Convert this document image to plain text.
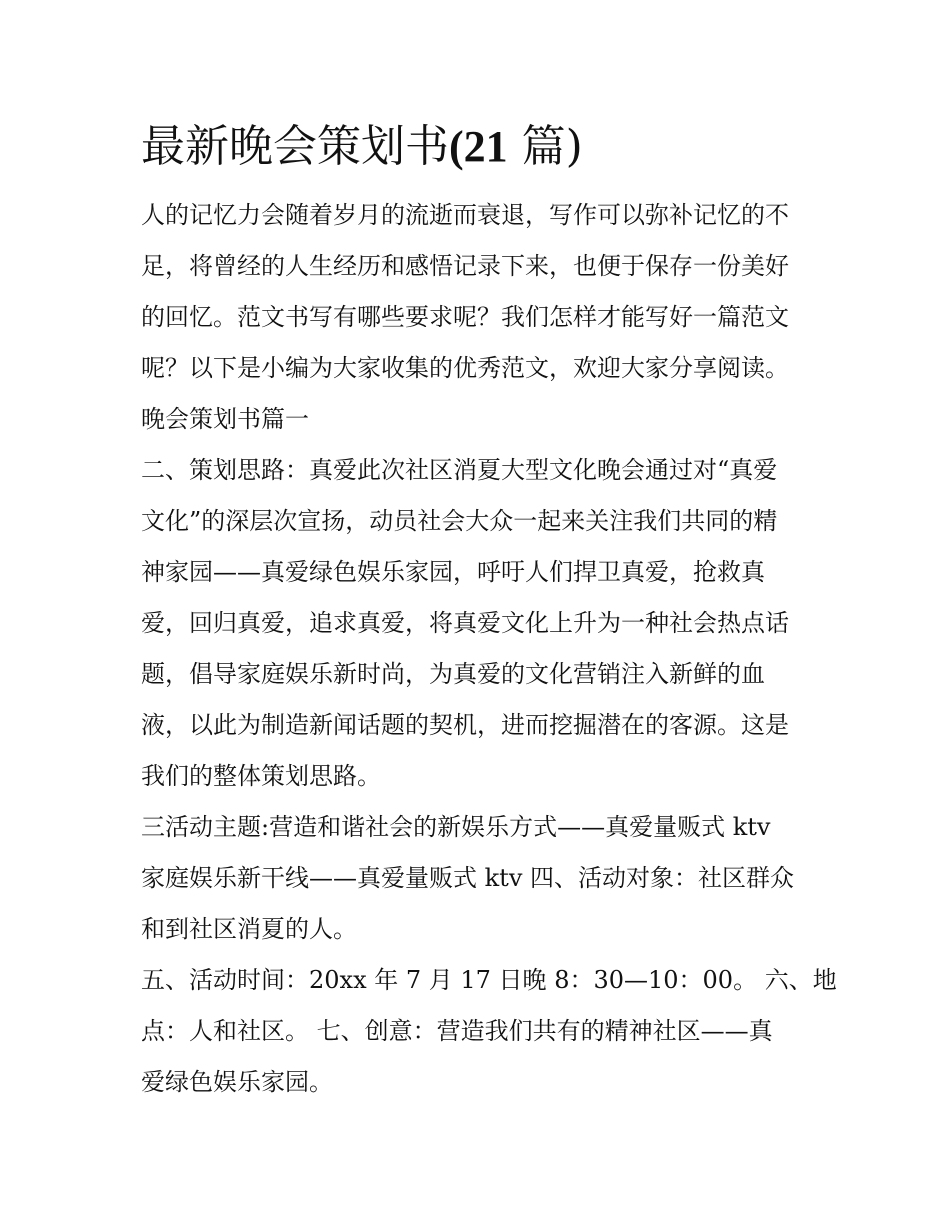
最新晚会策划书(21 篇)

人的记忆力会随着岁月的流逝而衰退，写作可以弥补记忆的不

足，将曾经的人生经历和感悟记录下来，也便于保存一份美好

的回忆。范文书写有哪些要求呢？我们怎样才能写好一篇范文

呢？以下是小编为大家收集的优秀范文，欢迎大家分享阅读。

晚会策划书篇一

二、策划思路：真爱此次社区消夏大型文化晚会通过对“真爱

文化”的深层次宣扬，动员社会大众一起来关注我们共同的精

神家园——真爱绿色娱乐家园，呼吁人们捍卫真爱，抢救真

爱，回归真爱，追求真爱，将真爱文化上升为一种社会热点话

题，倡导家庭娱乐新时尚，为真爱的文化营销注入新鲜的血

液，以此为制造新闻话题的契机，进而挖掘潜在的客源。这是

我们的整体策划思路。

三活动主题:营造和谐社会的新娱乐方式——真爱量贩式 ktv

家庭娱乐新干线——真爱量贩式 ktv 四、活动对象：社区群众

和到社区消夏的人。

五、活动时间：20xx 年 7 月 17 日晚 8：30—10：00。 六、地

点：人和社区。 七、创意：营造我们共有的精神社区——真

爱绿色娱乐家园。
